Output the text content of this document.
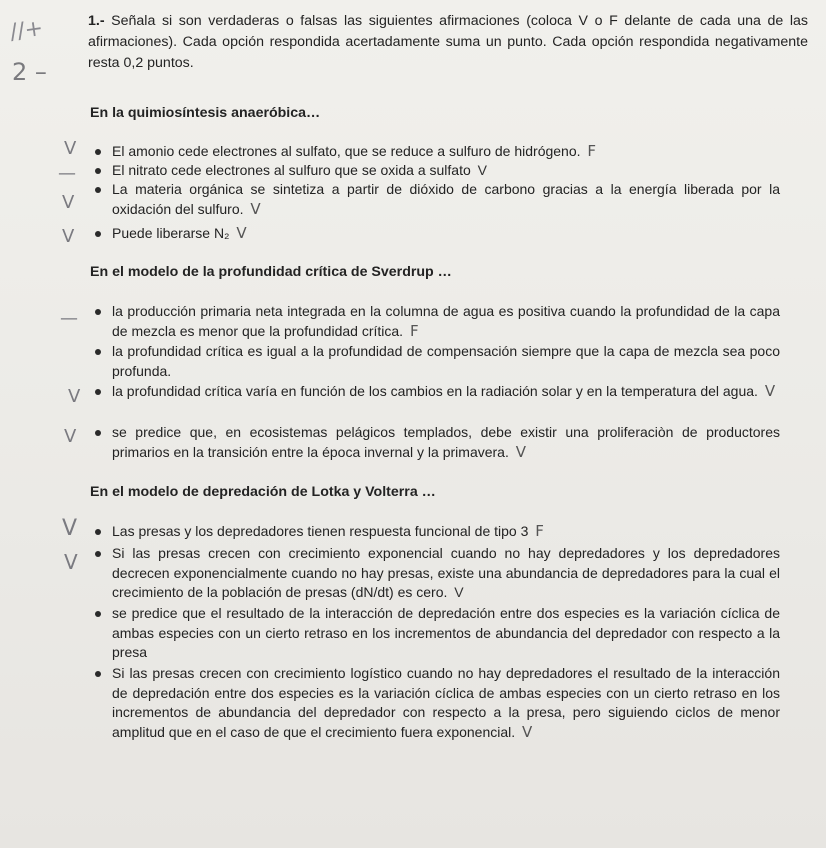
//+
2 –
1.- Señala si son verdaderas o falsas las siguientes afirmaciones (coloca V o F delante de cada una de las afirmaciones). Cada opción respondida acertadamente suma un punto. Cada opción respondida negativamente resta 0,2 puntos.
En la quimiosíntesis anaeróbica…
V	El amonio cede electrones al sulfato, que se reduce a sulfuro de hidrógeno. F
—	El nitrato cede electrones al sulfuro que se oxida a sulfato V
V
La materia orgánica se sintetiza a partir de dióxido de carbono gracias a la energía liberada por la oxidación del sulfuro. V
V	Puede liberarse N₂ V
En el modelo de la profundidad crítica de Sverdrup …
—	la producción primaria neta integrada en la columna de agua es positiva cuando la profundidad de la capa de mezcla es menor que la profundidad crítica. F
la profundidad crítica es igual a la profundidad de compensación siempre que la capa de mezcla sea poco profunda.
V	la profundidad crítica varía en función de los cambios en la radiación solar y en la temperatura del agua. V
V	se predice que, en ecosistemas pelágicos templados, debe existir una proliferaciòn de productores primarios en la transición entre la época invernal y la primavera. V
En el modelo de depredación de Lotka y Volterra …
V	Las presas y los depredadores tienen respuesta funcional de tipo 3 F
V	Si las presas crecen con crecimiento exponencial cuando no hay depredadores y los depredadores decrecen exponencialmente cuando no hay presas, existe una abundancia de depredadores para la cual el crecimiento de la población de presas (dN/dt) es cero. V
se predice que el resultado de la interacción de depredación entre dos especies es la variación cíclica de ambas especies con un cierto retraso en los incrementos de abundancia del depredador con respecto a la presa
Si las presas crecen con crecimiento logístico cuando no hay depredadores el resultado de la interacción de depredación entre dos especies es la variación cíclica de ambas especies con un cierto retraso en los incrementos de abundancia del depredador con respecto a la presa, pero siguiendo ciclos de menor amplitud que en el caso de que el crecimiento fuera exponencial. V
